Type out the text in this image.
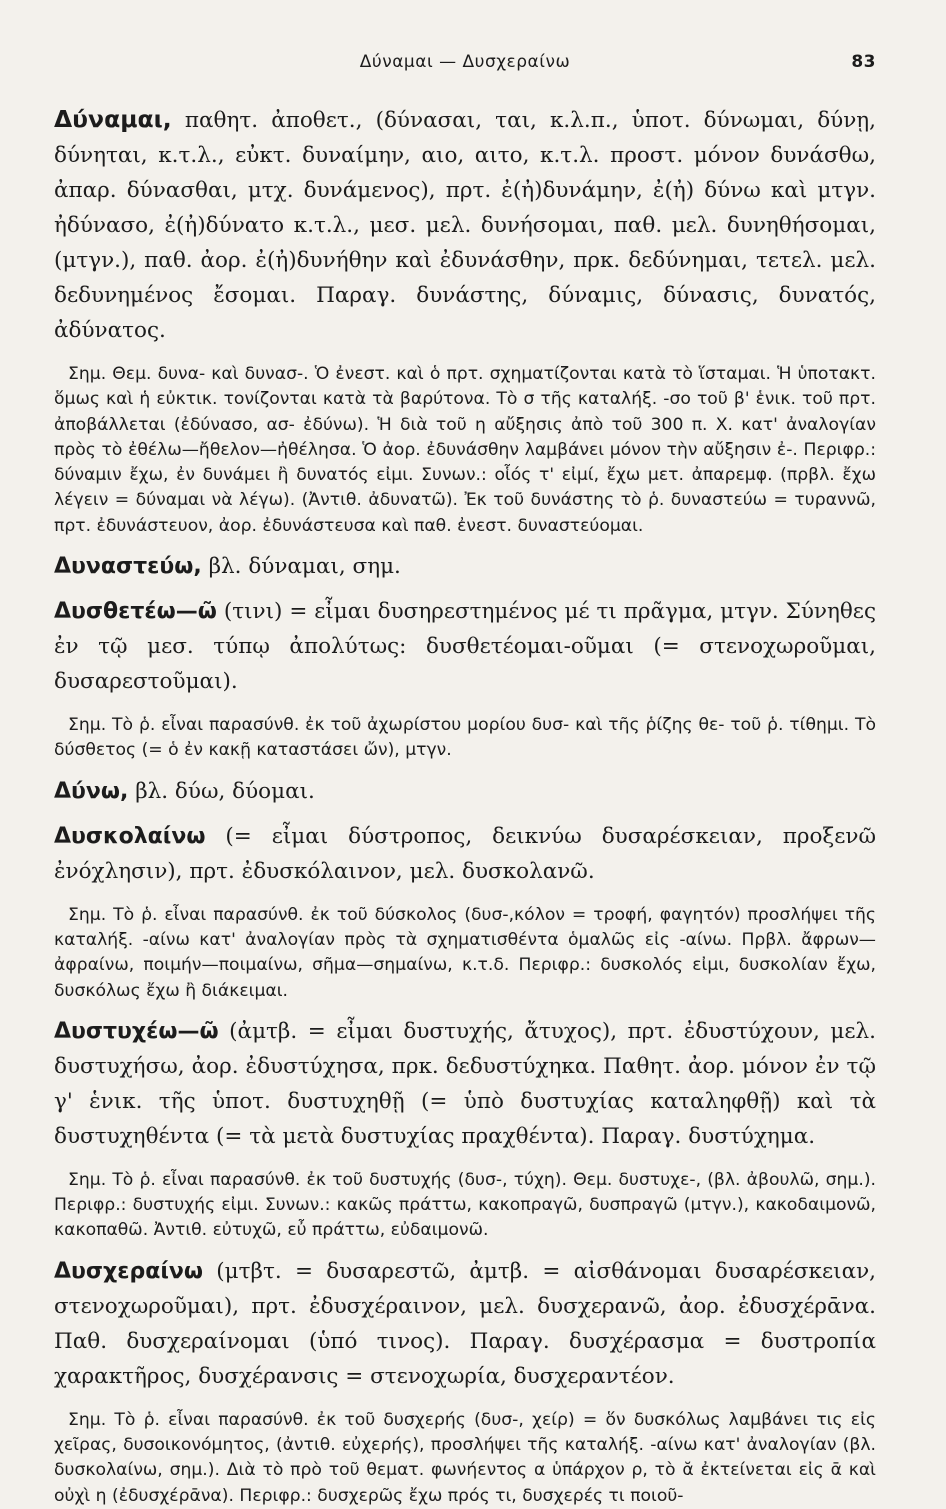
Δύναμαι — Δυσχεραίνω	83

Δύναμαι, παθητ. ἀποθετ., (δύνασαι, ται, κ.λ.π., ὑποτ. δύνωμαι, δύνῃ, δύνηται, κ.τ.λ., εὐκτ. δυναίμην, αιο, αιτο, κ.τ.λ. προστ. μόνον δυνάσθω, ἀπαρ. δύνασθαι, μτχ. δυνάμενος), πρτ. ἐ(ἠ)δυνάμην, ἐ(ἠ) δύνω καὶ μτγν. ἠδύνασο, ἐ(ἠ)δύνατο κ.τ.λ., μεσ. μελ. δυνήσομαι, παθ. μελ. δυνηθήσομαι, (μτγν.), παθ. ἀορ. ἐ(ἠ)δυνήθην καὶ ἐδυνάσθην, πρκ. δεδύνημαι, τετελ. μελ. δεδυνημένος ἔσομαι. Παραγ. δυνάστης, δύναμις, δύνασις, δυνατός, ἀδύνατος.

Σημ. Θεμ. δυνα- καὶ δυνασ-. Ὁ ἐνεστ. καὶ ὁ πρτ. σχηματίζονται κατὰ τὸ ἵσταμαι. Ἡ ὑποτακτ. ὅμως καὶ ἡ εὐκτικ. τονίζονται κατὰ τὰ βαρύτονα. Τὸ σ τῆς καταλήξ. -σο τοῦ β' ἑνικ. τοῦ πρτ. ἀποβάλλεται (ἐδύνασο, ασ- ἐδύνω). Ἡ διὰ τοῦ η αὔξησις ἀπὸ τοῦ 300 π. Χ. κατ' ἀναλογίαν πρὸς τὸ ἐθέλω—ἤθελον—ἠθέλησα. Ὁ ἀορ. ἐδυνάσθην λαμβάνει μόνον τὴν αὔξησιν ἐ-. Περιφρ.: δύναμιν ἔχω, ἐν δυνάμει ἢ δυνατός εἰμι. Συνων.: οἷός τ' εἰμί, ἔχω μετ. ἀπαρεμφ. (πρβλ. ἔχω λέγειν = δύναμαι νὰ λέγω). (Ἀντιθ. ἀδυνατῶ). Ἐκ τοῦ δυνάστης τὸ ῥ. δυναστεύω = τυραννῶ, πρτ. ἐδυνάστευον, ἀορ. ἐδυνάστευσα καὶ παθ. ἐνεστ. δυναστεύομαι.

Δυναστεύω, βλ. δύναμαι, σημ.

Δυσθετέω—ῶ (τινι) = εἶμαι δυσηρεστημένος μέ τι πρᾶγμα, μτγν. Σύνηθες ἐν τῷ μεσ. τύπῳ ἀπολύτως: δυσθετέομαι-οῦμαι (= στενοχωροῦμαι, δυσαρεστοῦμαι).

Σημ. Τὸ ῥ. εἶναι παρασύνθ. ἐκ τοῦ ἀχωρίστου μορίου δυσ- καὶ τῆς ῥίζης θε- τοῦ ῥ. τίθημι. Τὸ δύσθετος (= ὁ ἐν κακῇ καταστάσει ὤν), μτγν.

Δύνω, βλ. δύω, δύομαι.

Δυσκολαίνω (= εἶμαι δύστροπος, δεικνύω δυσαρέσκειαν, προξενῶ ἐνόχλησιν), πρτ. ἐδυσκόλαινον, μελ. δυσκολανῶ.

Σημ. Τὸ ῥ. εἶναι παρασύνθ. ἐκ τοῦ δύσκολος (δυσ-,κόλον = τροφή, φαγητόν) προσλήψει τῆς καταλήξ. -αίνω κατ' ἀναλογίαν πρὸς τὰ σχηματισθέντα ὁμαλῶς εἰς -αίνω. Πρβλ. ἄφρων—ἀφραίνω, ποιμήν—ποιμαίνω, σῆμα—σημαίνω, κ.τ.δ. Περιφρ.: δυσκολός εἰμι, δυσκολίαν ἔχω, δυσκόλως ἔχω ἢ διάκειμαι.

Δυστυχέω—ῶ (ἀμτβ. = εἶμαι δυστυχής, ἄτυχος), πρτ. ἐδυστύχουν, μελ. δυστυχήσω, ἀορ. ἐδυστύχησα, πρκ. δεδυστύχηκα. Παθητ. ἀορ. μόνον ἐν τῷ γ' ἑνικ. τῆς ὑποτ. δυστυχηθῇ (= ὑπὸ δυστυχίας καταληφθῇ) καὶ τὰ δυστυχηθέντα (= τὰ μετὰ δυστυχίας πραχθέντα). Παραγ. δυστύχημα.

Σημ. Τὸ ῥ. εἶναι παρασύνθ. ἐκ τοῦ δυστυχής (δυσ-, τύχη). Θεμ. δυστυχε-, (βλ. ἀβουλῶ, σημ.). Περιφρ.: δυστυχής εἰμι. Συνων.: κακῶς πράττω, κακοπραγῶ, δυσπραγῶ (μτγν.), κακοδαιμονῶ, κακοπαθῶ. Ἀντιθ. εὐτυχῶ, εὖ πράττω, εὐδαιμονῶ.

Δυσχεραίνω (μτβτ. = δυσαρεστῶ, ἀμτβ. = αἰσθάνομαι δυσαρέσκειαν, στενοχωροῦμαι), πρτ. ἐδυσχέραινον, μελ. δυσχερανῶ, ἀορ. ἐδυσχέρᾱνα. Παθ. δυσχεραίνομαι (ὑπό τινος). Παραγ. δυσχέρασμα = δυστροπία χαρακτῆρος, δυσχέρανσις = στενοχωρία, δυσχεραντέον.

Σημ. Τὸ ῥ. εἶναι παρασύνθ. ἐκ τοῦ δυσχερής (δυσ-, χείρ) = ὅν δυσκόλως λαμβάνει τις εἰς χεῖρας, δυσοικονόμητος, (ἀντιθ. εὐχερής), προσλήψει τῆς καταλήξ. -αίνω κατ' ἀναλογίαν (βλ. δυσκολαίνω, σημ.). Διὰ τὸ πρὸ τοῦ θεματ. φωνήεντος α ὑπάρχον ρ, τὸ ᾰ ἐκτείνεται εἰς ᾱ καὶ οὐχὶ η (ἐδυσχέρᾱνα). Περιφρ.: δυσχερῶς ἔχω πρός τι, δυσχερές τι ποιοῦ-
